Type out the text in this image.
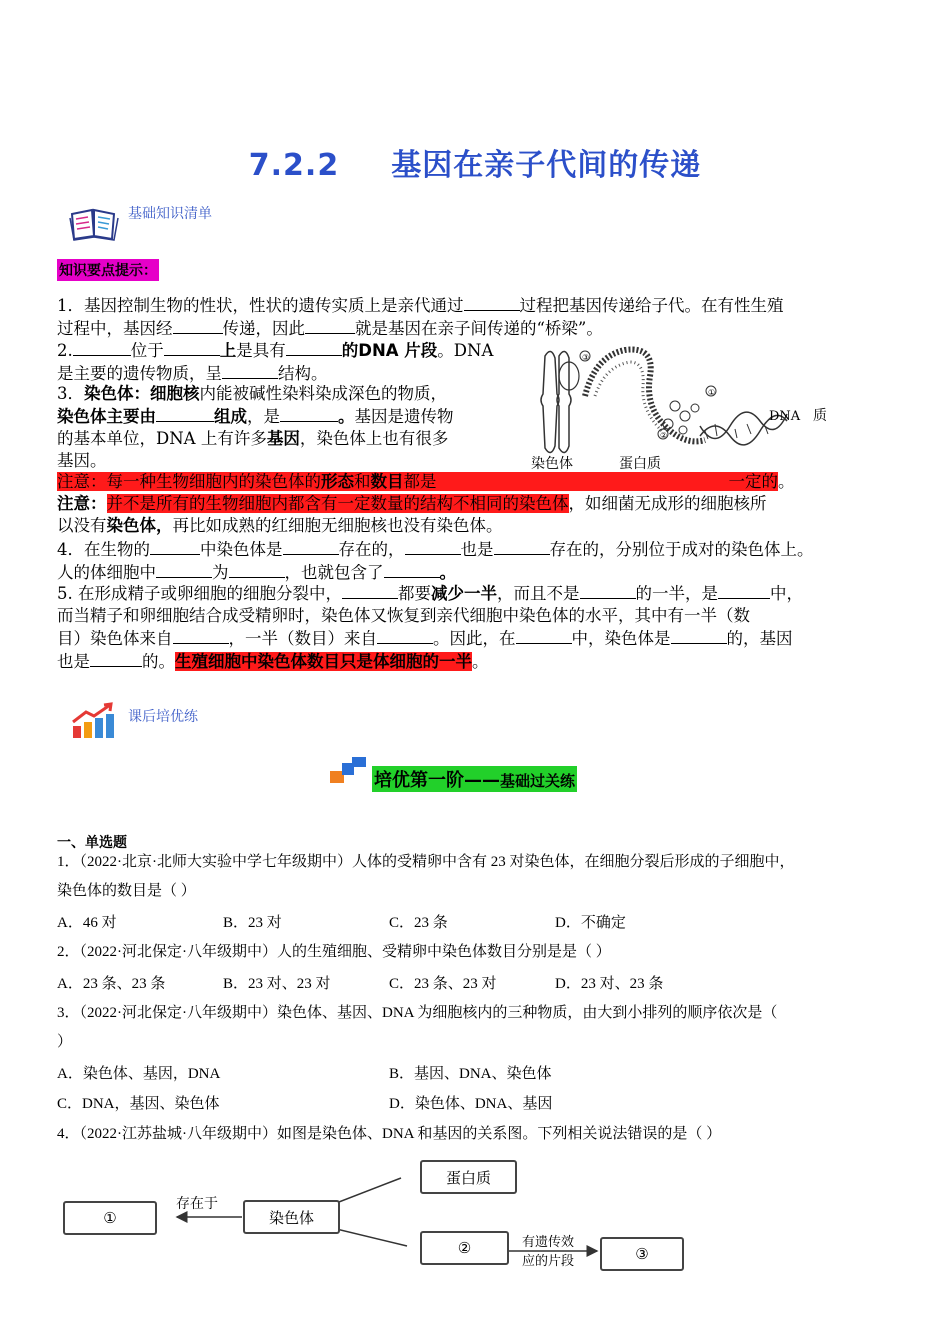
7.2.2 基因在亲子代间的传递
基础知识清单
知识要点提示：
1．基因控制生物的性状，性状的遗传实质上是亲代通过	过程把基因传递给子代。在有性生殖
过程中，基因经	传递，因此	就是基因在亲子间传递的“桥梁”。
2.	位于	上是具有	的DNA 片段。DNA
是主要的遗传物质，呈	结构。
3．染色体：细胞核内能被碱性染料染成深色的物质，
染色体主要由	组成，是	。基因是遗传物
的基本单位，DNA 上有许多基因，染色体上也有很多
基因。
③
②
①
染色体	蛋白质
DNA 质
注意：每一种生物细胞内的染色体的形态和数目都是	一定的。
注意：并不是所有的生物细胞内都含有一定数量的结构不相同的染色体，如细菌无成形的细胞核所
以没有染色体，再比如成熟的红细胞无细胞核也没有染色体。
4．在生物的	中染色体是	存在的，	也是	存在的，分别位于成对的染色体上。
人的体细胞中	为	，也就包含了	。
5. 在形成精子或卵细胞的细胞分裂中，	都要减少一半，而且不是	的一半，是	中，
而当精子和卵细胞结合成受精卵时，染色体又恢复到亲代细胞中染色体的水平，其中有一半（数
目）染色体来自	，一半（数目）来自	。因此，在	中，染色体是	的，基因
也是	的。生殖细胞中染色体数目只是体细胞的一半。
课后培优练
培优第一阶——基础过关练
一、单选题
1．（2022·北京·北师大实验中学七年级期中）人体的受精卵中含有 23 对染色体，在细胞分裂后形成的子细胞中，
染色体的数目是（ ）
A．46 对	B．23 对	C．23 条	D．不确定
2．（2022·河北保定·八年级期中）人的生殖细胞、受精卵中染色体数目分别是是（ ）
A．23 条、23 条	B．23 对、23 对	C．23 条、23 对	D．23 对、23 条
3．（2022·河北保定·八年级期中）染色体、基因、DNA 为细胞核内的三种物质，由大到小排列的顺序依次是（
）
A．染色体、基因，DNA	B．基因、DNA、染色体
C．DNA，基因、染色体	D．染色体、DNA、基因
4．（2022·江苏盐城·八年级期中）如图是染色体、DNA 和基因的关系图。下列相关说法错误的是（ ）
①
存在于
染色体
蛋白质
②	有遗传效
应的片段	③
